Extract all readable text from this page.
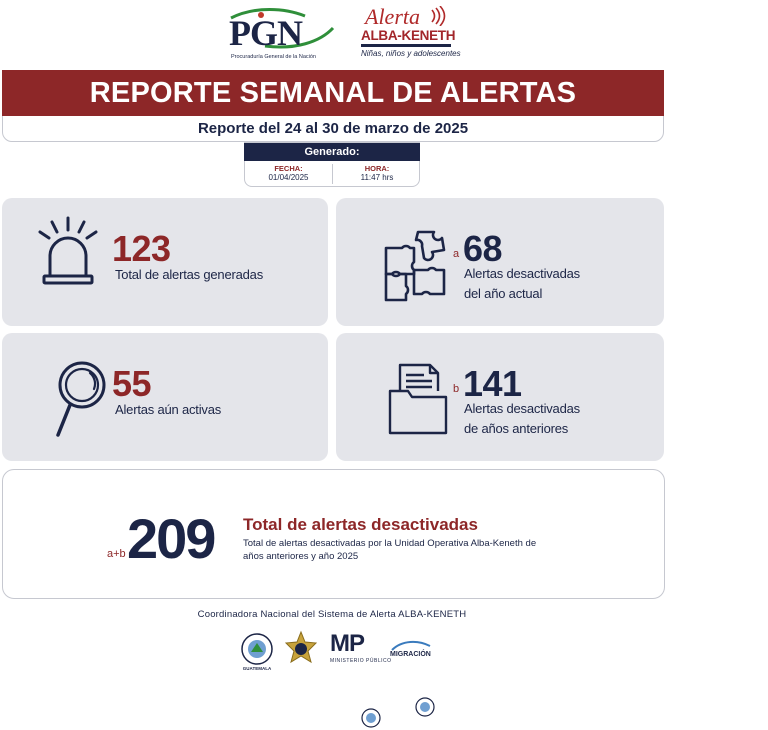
PGN
Procuraduría General de la Nación
Alerta
ALBA-KENETH
Niñas, niños y adolescentes
REPORTE SEMANAL DE ALERTAS
Reporte del 24 al 30 de marzo de 2025
Generado:
FECHA:
01/04/2025
HORA:
11:47 hrs
123
Total de alertas generadas
a 68
Alertas desactivadas
del año actual
55
Alertas aún activas
b 141
Alertas desactivadas
de años anteriores
a+b 209 Total de alertas desactivadas
Total de alertas desactivadas por la Unidad Operativa Alba-Keneth de años anteriores y año 2025
Coordinadora Nacional del Sistema de Alerta ALBA-KENETH
GUATEMALA
MP
MINISTERIO PÚBLICO
MIGRACIÓN
